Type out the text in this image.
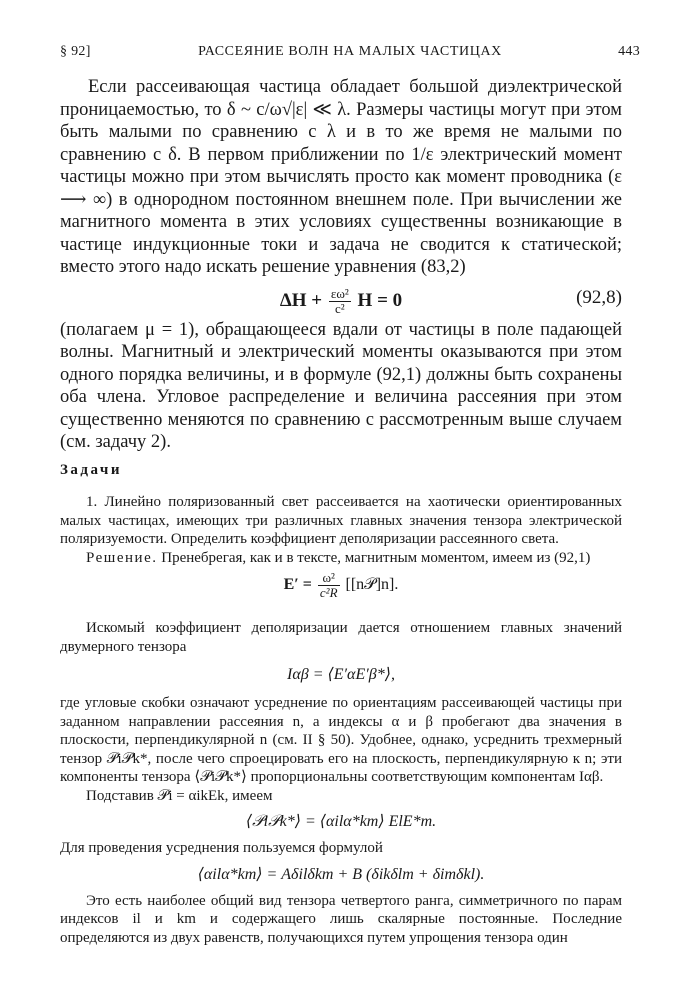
§ 92]	РАССЕЯНИЕ ВОЛН НА МАЛЫХ ЧАСТИЦАХ	443

Если рассеивающая частица обладает большой диэлектрической проницаемостью, то δ ~ c/ω√|ε| ≪ λ. Размеры частицы могут при этом быть малыми по сравнению с λ и в то же время не малыми по сравнению с δ. В первом приближении по 1/ε электрический момент частицы можно при этом вычислять просто как момент проводника (ε ⟶ ∞) в однородном постоянном внешнем поле. При вычислении же магнитного момента в этих условиях существенны возникающие в частице индукционные токи и задача не сводится к статической; вместо этого надо искать решение уравнения (83,2)

$\Delta H + \frac{\text{εω²}}{\text{c²}}$ H = 0	(92,8)

(полагаем μ = 1), обращающееся вдали от частицы в поле падающей волны. Магнитный и электрический моменты оказываются при этом одного порядка величины, и в формуле (92,1) должны быть сохранены оба члена. Угловое распределение и величина рассеяния при этом существенно меняются по сравнению с рассмотренным выше случаем (см. задачу 2).

Задачи

1. Линейно поляризованный свет рассеивается на хаотически ориентированных малых частицах, имеющих три различных главных значения тензора электрической поляризуемости. Определить коэффициент деполяризации рассеянного света.

Решение. Пренебрегая, как и в тексте, магнитным моментом, имеем из (92,1)

$E' = \frac{\text{ω²}}{\text{c²R}}$ [[n𝒫]n].

Искомый коэффициент деполяризации дается отношением главных значений двумерного тензора

Iαβ = ⟨E′αE′β*⟩,

где угловые скобки означают усреднение по ориентациям рассеивающей частицы при заданном направлении рассеяния n, а индексы α и β пробегают два значения в плоскости, перпендикулярной n (см. II § 50). Удобнее, однако, усреднить трехмерный тензор 𝒫i𝒫k*, после чего спроецировать его на плоскость, перпендикулярную к n; эти компоненты тензора ⟨𝒫i𝒫k*⟩ пропорциональны соответствующим компонентам Iαβ.

Подставив 𝒫i = αikEk, имеем

⟨𝒫i𝒫k*⟩ = ⟨αilα*km⟩ ElE*m.

Для проведения усреднения пользуемся формулой

⟨αilα*km⟩ = Aδilδkm + B (δikδlm + δimδkl).

Это есть наиболее общий вид тензора четвертого ранга, симметричного по парам индексов il и km и содержащего лишь скалярные постоянные. Последние определяются из двух равенств, получающихся путем упрощения тензора один
